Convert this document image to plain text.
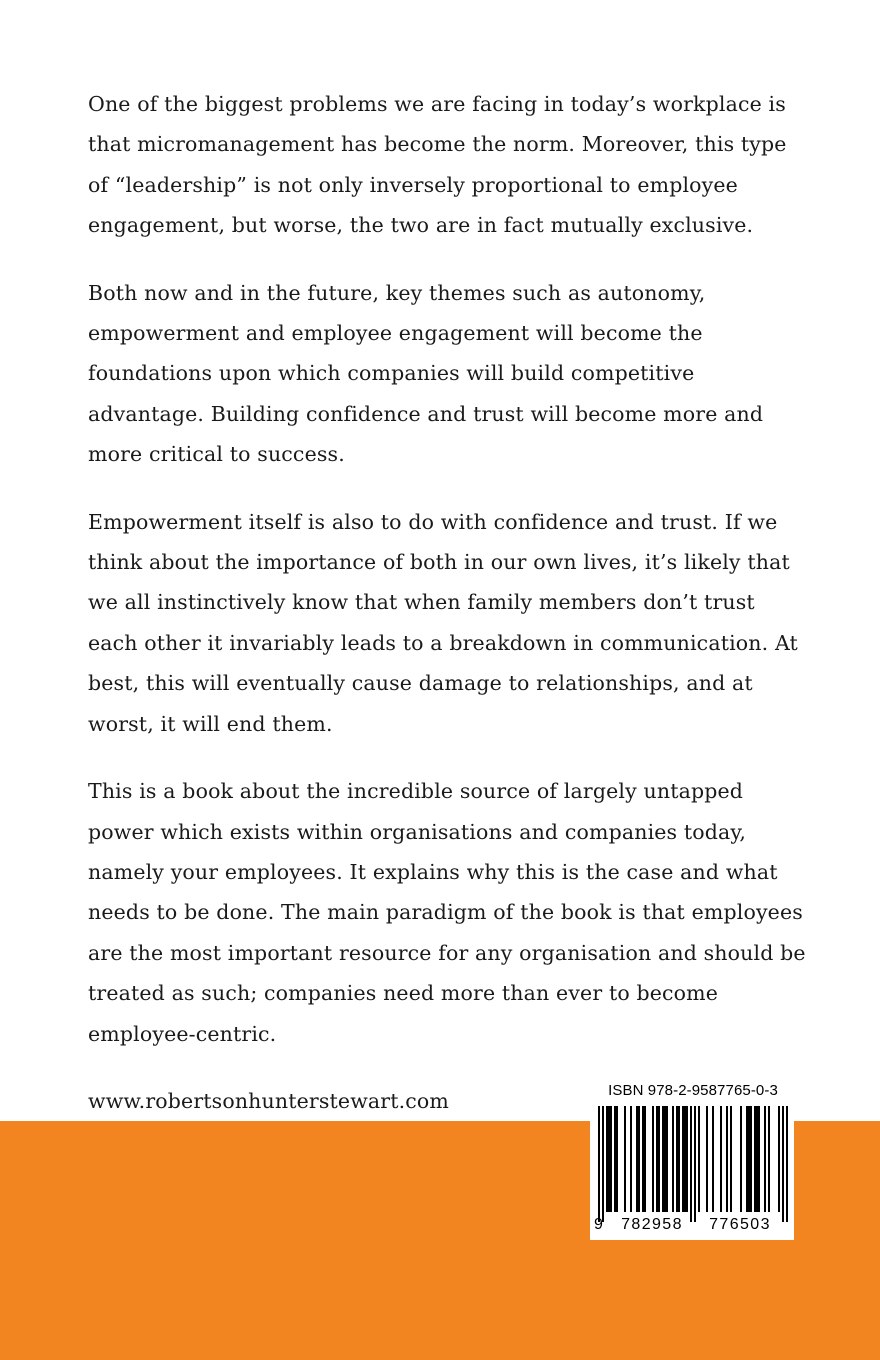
One of the biggest problems we are facing in today’s workplace is that micromanagement has become the norm. Moreover, this type of “leadership” is not only inversely proportional to employee engagement, but worse, the two are in fact mutually exclusive.

Both now and in the future, key themes such as autonomy, empowerment and employee engagement will become the foundations upon which companies will build competitive advantage. Building confidence and trust will become more and more critical to success.

Empowerment itself is also to do with confidence and trust. If we think about the importance of both in our own lives, it’s likely that we all instinctively know that when family members don’t trust each other it invariably leads to a breakdown in communication. At best, this will eventually cause damage to relationships, and at worst, it will end them.

This is a book about the incredible source of largely untapped power which exists within organisations and companies today, namely your employees. It explains why this is the case and what needs to be done. The main paradigm of the book is that employees are the most important resource for any organisation and should be treated as such; companies need more than ever to become employee-centric.

www.robertsonhunterstewart.com	ISBN 978-2-9587765-0-3
9	782958	776503
